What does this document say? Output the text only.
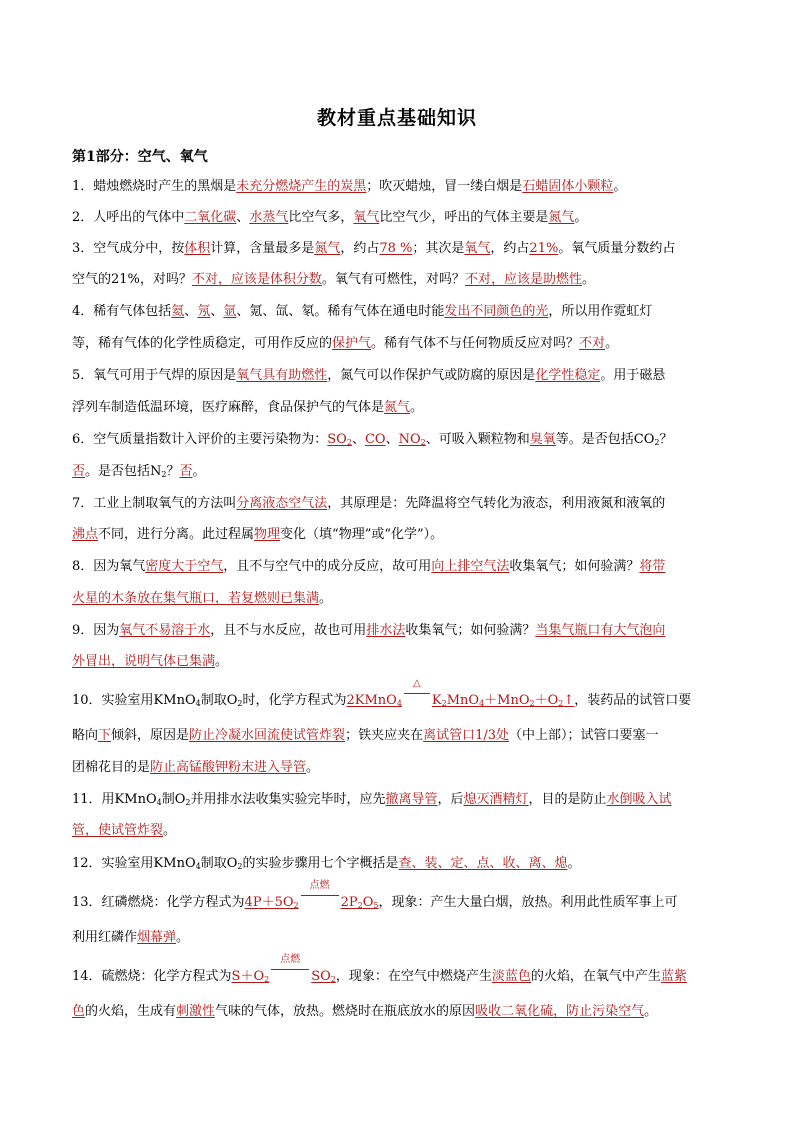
教材重点基础知识

第1部分：空气、氧气

1．蜡烛燃烧时产生的黑烟是未充分燃烧产生的炭黑；吹灭蜡烛，冒一缕白烟是石蜡固体小颗粒。

2．人呼出的气体中二氧化碳、水蒸气比空气多，氧气比空气少，呼出的气体主要是氮气。

3．空气成分中，按体积计算，含量最多是氮气，约占78 %；其次是氧气，约占21%。氧气质量分数约占

空气的21%，对吗？不对，应该是体积分数。氧气有可燃性，对吗？不对，应该是助燃性。

4．稀有气体包括氦、氖、氩、氪、氙、氡。稀有气体在通电时能发出不同颜色的光，所以用作霓虹灯

等，稀有气体的化学性质稳定，可用作反应的保护气。稀有气体不与任何物质反应对吗？不对。

5．氧气可用于气焊的原因是氧气具有助燃性，氮气可以作保护气或防腐的原因是化学性稳定。用于磁悬

浮列车制造低温环境，医疗麻醉，食品保护气的气体是氮气。

6．空气质量指数计入评价的主要污染物为：$SO_2$、CO、$NO_2$、可吸入颗粒物和臭氧等。是否包括$CO_2$？

否。是否包括$N_2$？否。

7．工业上制取氧气的方法叫分离液态空气法，其原理是：先降温将空气转化为液态，利用液氮和液氧的

沸点不同，进行分离。此过程属物理变化（填“物理”或“化学”）。

8．因为氧气密度大于空气，且不与空气中的成分反应，故可用向上排空气法收集氧气；如何验满？将带

火星的木条放在集气瓶口，若复燃则已集满。

9．因为氧气不易溶于水，且不与水反应，故也可用排水法收集氧气；如何验满？当集气瓶口有大气泡向

外冒出，说明气体已集满。

10．实验室用KMnO$_4$制取$O_2$时，化学方程式为2KMnO$_4$
△
$K_2MnO_4+MnO_2+O_2↑$，装药品的试管口要

略向下倾斜，原因是防止冷凝水回流使试管炸裂；铁夹应夹在离试管口1/3处（中上部）；试管口要塞一

团棉花目的是防止高锰酸钾粉末进入导管。

11．用KMnO$_4$制$O_2$并用排水法收集实验完毕时，应先撤离导管，后熄灭酒精灯，目的是防止水倒吸入试

管，使试管炸裂。

12．实验室用KMnO$_4$制取$O_2$的实验步骤用七个字概括是查、装、定、点、收、离、熄。

13．红磷燃烧：化学方程式为$4P+5O_2$
点燃
$2P_2O_5$，现象：产生大量白烟，放热。利用此性质军事上可

利用红磷作烟幕弹。

14．硫燃烧：化学方程式为$S+O_2$
点燃
$SO_2$，现象：在空气中燃烧产生淡蓝色的火焰，在氧气中产生蓝紫

色的火焰，生成有刺激性气味的气体，放热。燃烧时在瓶底放水的原因吸收二氧化硫，防止污染空气。
